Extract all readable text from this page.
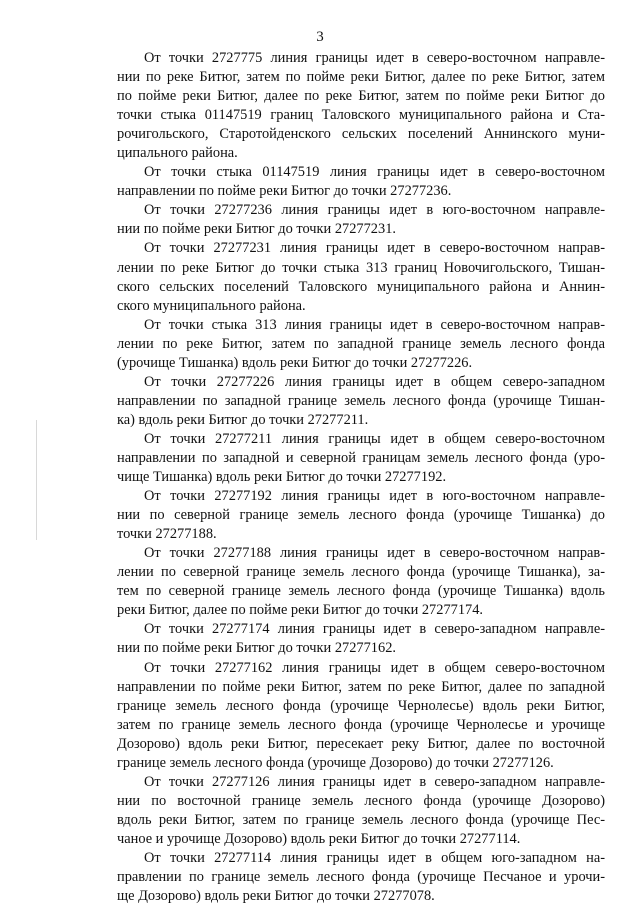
3
От точки 2727775 линия границы идет в северо-восточном направле-
нии по реке Битюг, затем по пойме реки Битюг, далее по реке Битюг, затем
по пойме реки Битюг, далее по реке Битюг, затем по пойме реки Битюг до
точки стыка 01147519 границ Таловского муниципального района и Ста-
рочигольского, Старотойденского сельских поселений Аннинского муни-
ципального района.
От точки стыка 01147519 линия границы идет в северо-восточном
направлении по пойме реки Битюг до точки 27277236.
От точки 27277236 линия границы идет в юго-восточном направле-
нии по пойме реки Битюг до точки 27277231.
От точки 27277231 линия границы идет в северо-восточном направ-
лении по реке Битюг до точки стыка 313 границ Новочигольского, Тишан-
ского сельских поселений Таловского муниципального района и Аннин-
ского муниципального района.
От точки стыка 313 линия границы идет в северо-восточном направ-
лении по реке Битюг, затем по западной границе земель лесного фонда
(урочище Тишанка) вдоль реки Битюг до точки 27277226.
От точки 27277226 линия границы идет в общем северо-западном
направлении по западной границе земель лесного фонда (урочище Тишан-
ка) вдоль реки Битюг до точки 27277211.
От точки 27277211 линия границы идет в общем северо-восточном
направлении по западной и северной границам земель лесного фонда (уро-
чище Тишанка) вдоль реки Битюг до точки 27277192.
От точки 27277192 линия границы идет в юго-восточном направле-
нии по северной границе земель лесного фонда (урочище Тишанка) до
точки 27277188.
От точки 27277188 линия границы идет в северо-восточном направ-
лении по северной границе земель лесного фонда (урочище Тишанка), за-
тем по северной границе земель лесного фонда (урочище Тишанка) вдоль
реки Битюг, далее по пойме реки Битюг до точки 27277174.
От точки 27277174 линия границы идет в северо-западном направле-
нии по пойме реки Битюг до точки 27277162.
От точки 27277162 линия границы идет в общем северо-восточном
направлении по пойме реки Битюг, затем по реке Битюг, далее по западной
границе земель лесного фонда (урочище Чернолесье) вдоль реки Битюг,
затем по границе земель лесного фонда (урочище Чернолесье и урочище
Дозорово) вдоль реки Битюг, пересекает реку Битюг, далее по восточной
границе земель лесного фонда (урочище Дозорово) до точки 27277126.
От точки 27277126 линия границы идет в северо-западном направле-
нии по восточной границе земель лесного фонда (урочище Дозорово)
вдоль реки Битюг, затем по границе земель лесного фонда (урочище Пес-
чаное и урочище Дозорово) вдоль реки Битюг до точки 27277114.
От точки 27277114 линия границы идет в общем юго-западном на-
правлении по границе земель лесного фонда (урочище Песчаное и урочи-
ще Дозорово) вдоль реки Битюг до точки 27277078.
